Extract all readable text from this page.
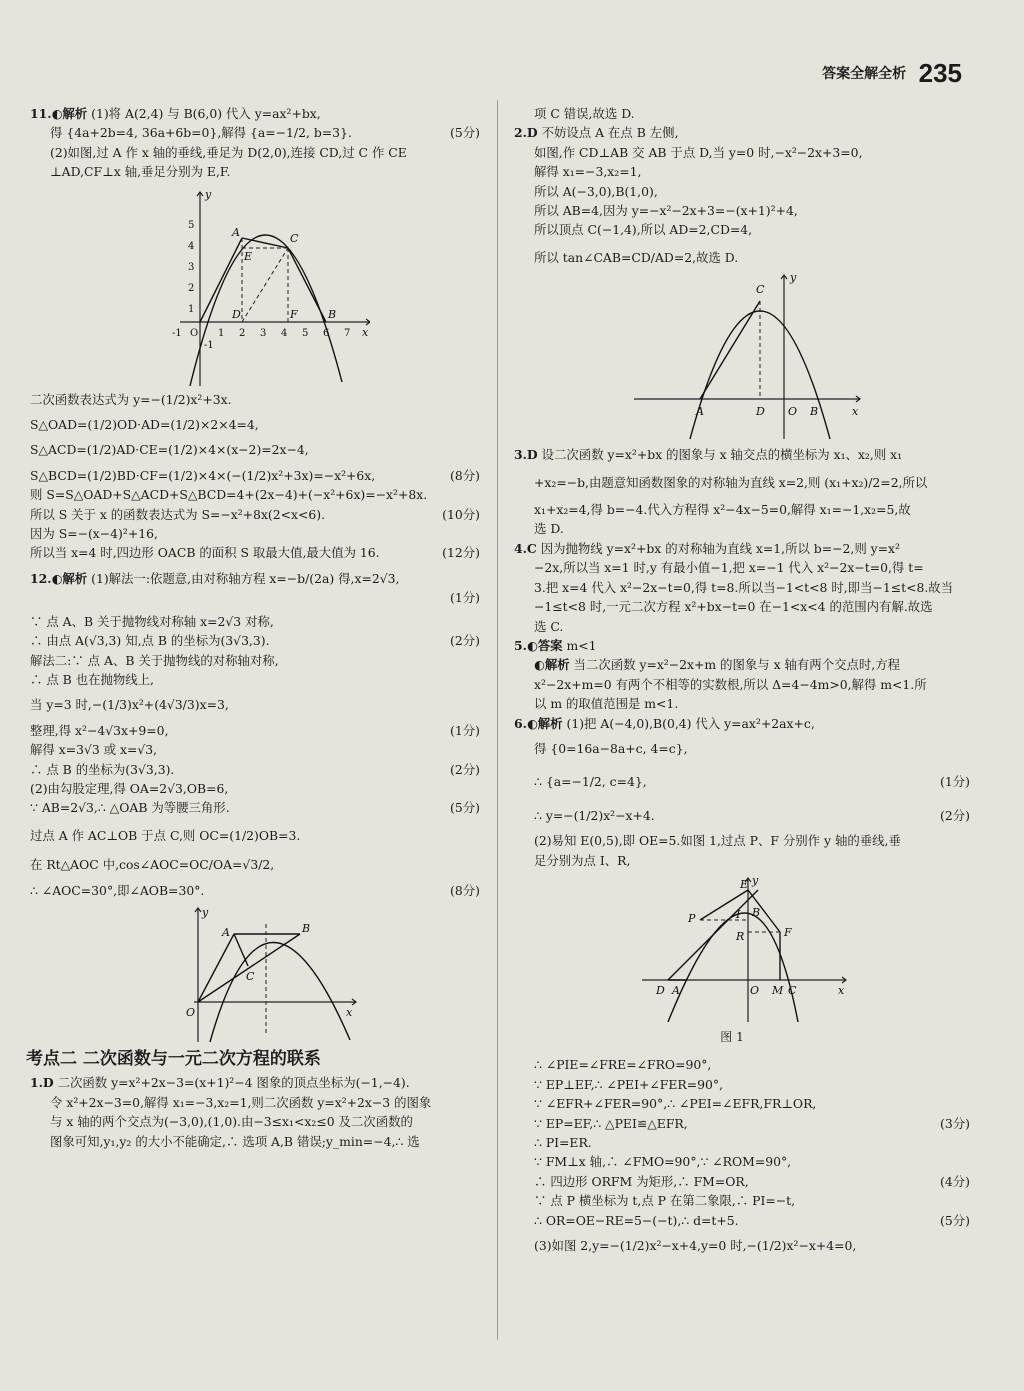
答案全解全析 235
11.◐解析 (1)将 A(2,4) 与 B(6,0) 代入 y=ax²+bx,
得 {4a+2b=4, 36a+6b=0},解得 {a=−1/2, b=3}.	(5分)
(2)如图,过 A 作 x 轴的垂线,垂足为 D(2,0),连接 CD,过 C 作 CE
⊥AD,CF⊥x 轴,垂足分别为 E,F.
1
2
3
4
5
-1 O 1 2 3 4 5 6 7
-1
A	C
E
D	F	B
x
y
二次函数表达式为 y=−(1/2)x²+3x.
S△OAD=(1/2)OD·AD=(1/2)×2×4=4,
S△ACD=(1/2)AD·CE=(1/2)×4×(x−2)=2x−4,
S△BCD=(1/2)BD·CF=(1/2)×4×(−(1/2)x²+3x)=−x²+6x,	(8分)
则 S=S△OAD+S△ACD+S△BCD=4+(2x−4)+(−x²+6x)=−x²+8x.
所以 S 关于 x 的函数表达式为 S=−x²+8x(2<x<6).	(10分)
因为 S=−(x−4)²+16,
所以当 x=4 时,四边形 OACB 的面积 S 取最大值,最大值为 16.	(12分)
12.◐解析 (1)解法一:依题意,由对称轴方程 x=−b/(2a) 得,x=2√3,
(1分)
∵ 点 A、B 关于抛物线对称轴 x=2√3 对称,
∴ 由点 A(√3,3) 知,点 B 的坐标为(3√3,3).	(2分)
解法二:∵ 点 A、B 关于抛物线的对称轴对称,
∴ 点 B 也在抛物线上,
当 y=3 时,−(1/3)x²+(4√3/3)x=3,
整理,得 x²−4√3x+9=0,	(1分)
解得 x=3√3 或 x=√3,
∴ 点 B 的坐标为(3√3,3).	(2分)
(2)由勾股定理,得 OA=2√3,OB=6,
∵ AB=2√3,∴ △OAB 为等腰三角形.	(5分)
过点 A 作 AC⊥OB 于点 C,则 OC=(1/2)OB=3.
在 Rt△AOC 中,cos∠AOC=OC/OA=√3/2,
∴ ∠AOC=30°,即∠AOB=30°.	(8分)
A	B
C
O	x
y
考点二 二次函数与一元二次方程的联系
1.D 二次函数 y=x²+2x−3=(x+1)²−4 图象的顶点坐标为(−1,−4).
令 x²+2x−3=0,解得 x₁=−3,x₂=1,则二次函数 y=x²+2x−3 的图象
与 x 轴的两个交点为(−3,0),(1,0).由−3≤x₁<x₂≤0 及二次函数的
图象可知,y₁,y₂ 的大小不能确定,∴ 选项 A,B 错误;y_min=−4,∴ 选
项 C 错误,故选 D.
2.D 不妨设点 A 在点 B 左侧,
如图,作 CD⊥AB 交 AB 于点 D,当 y=0 时,−x²−2x+3=0,
解得 x₁=−3,x₂=1,
所以 A(−3,0),B(1,0),
所以 AB=4,因为 y=−x²−2x+3=−(x+1)²+4,
所以顶点 C(−1,4),所以 AD=2,CD=4,
所以 tan∠CAB=CD/AD=2,故选 D.
C
y
A	D O B	x
3.D 设二次函数 y=x²+bx 的图象与 x 轴交点的横坐标为 x₁、x₂,则 x₁
+x₂=−b,由题意知函数图象的对称轴为直线 x=2,则 (x₁+x₂)/2=2,所以
x₁+x₂=4,得 b=−4.代入方程得 x²−4x−5=0,解得 x₁=−1,x₂=5,故
选 D.
4.C 因为抛物线 y=x²+bx 的对称轴为直线 x=1,所以 b=−2,则 y=x²
−2x,所以当 x=1 时,y 有最小值−1,把 x=−1 代入 x²−2x−t=0,得 t=
3.把 x=4 代入 x²−2x−t=0,得 t=8.所以当−1<t<8 时,即当−1≤t<8.故当
−1≤t<8 时,一元二次方程 x²+bx−t=0 在−1<x<4 的范围内有解.故选
选 C.
5.◐答案 m<1
◐解析 当二次函数 y=x²−2x+m 的图象与 x 轴有两个交点时,方程
x²−2x+m=0 有两个不相等的实数根,所以 Δ=4−4m>0,解得 m<1.所
以 m 的取值范围是 m<1.
6.◐解析 (1)把 A(−4,0),B(0,4) 代入 y=ax²+2ax+c,
得 {0=16a−8a+c, 4=c},
∴ {a=−1/2, c=4},	(1分)
∴ y=−(1/2)x²−x+4.	(2分)
(2)易知 E(0,5),即 OE=5.如图 1,过点 P、F 分别作 y 轴的垂线,垂
足分别为点 I、R,
E
P	I B
R	F
D A	O M C	x
y
图 1
∴ ∠PIE=∠FRE=∠FRO=90°,
∵ EP⊥EF,∴ ∠PEI+∠FER=90°,
∵ ∠EFR+∠FER=90°,∴ ∠PEI=∠EFR,FR⊥OR,
∵ EP=EF,∴ △PEI≌△EFR,	(3分)
∴ PI=ER.
∵ FM⊥x 轴,∴ ∠FMO=90°,∵ ∠ROM=90°,
∴ 四边形 ORFM 为矩形,∴ FM=OR,	(4分)
∵ 点 P 横坐标为 t,点 P 在第二象限,∴ PI=−t,
∴ OR=OE−RE=5−(−t),∴ d=t+5.	(5分)
(3)如图 2,y=−(1/2)x²−x+4,y=0 时,−(1/2)x²−x+4=0,
